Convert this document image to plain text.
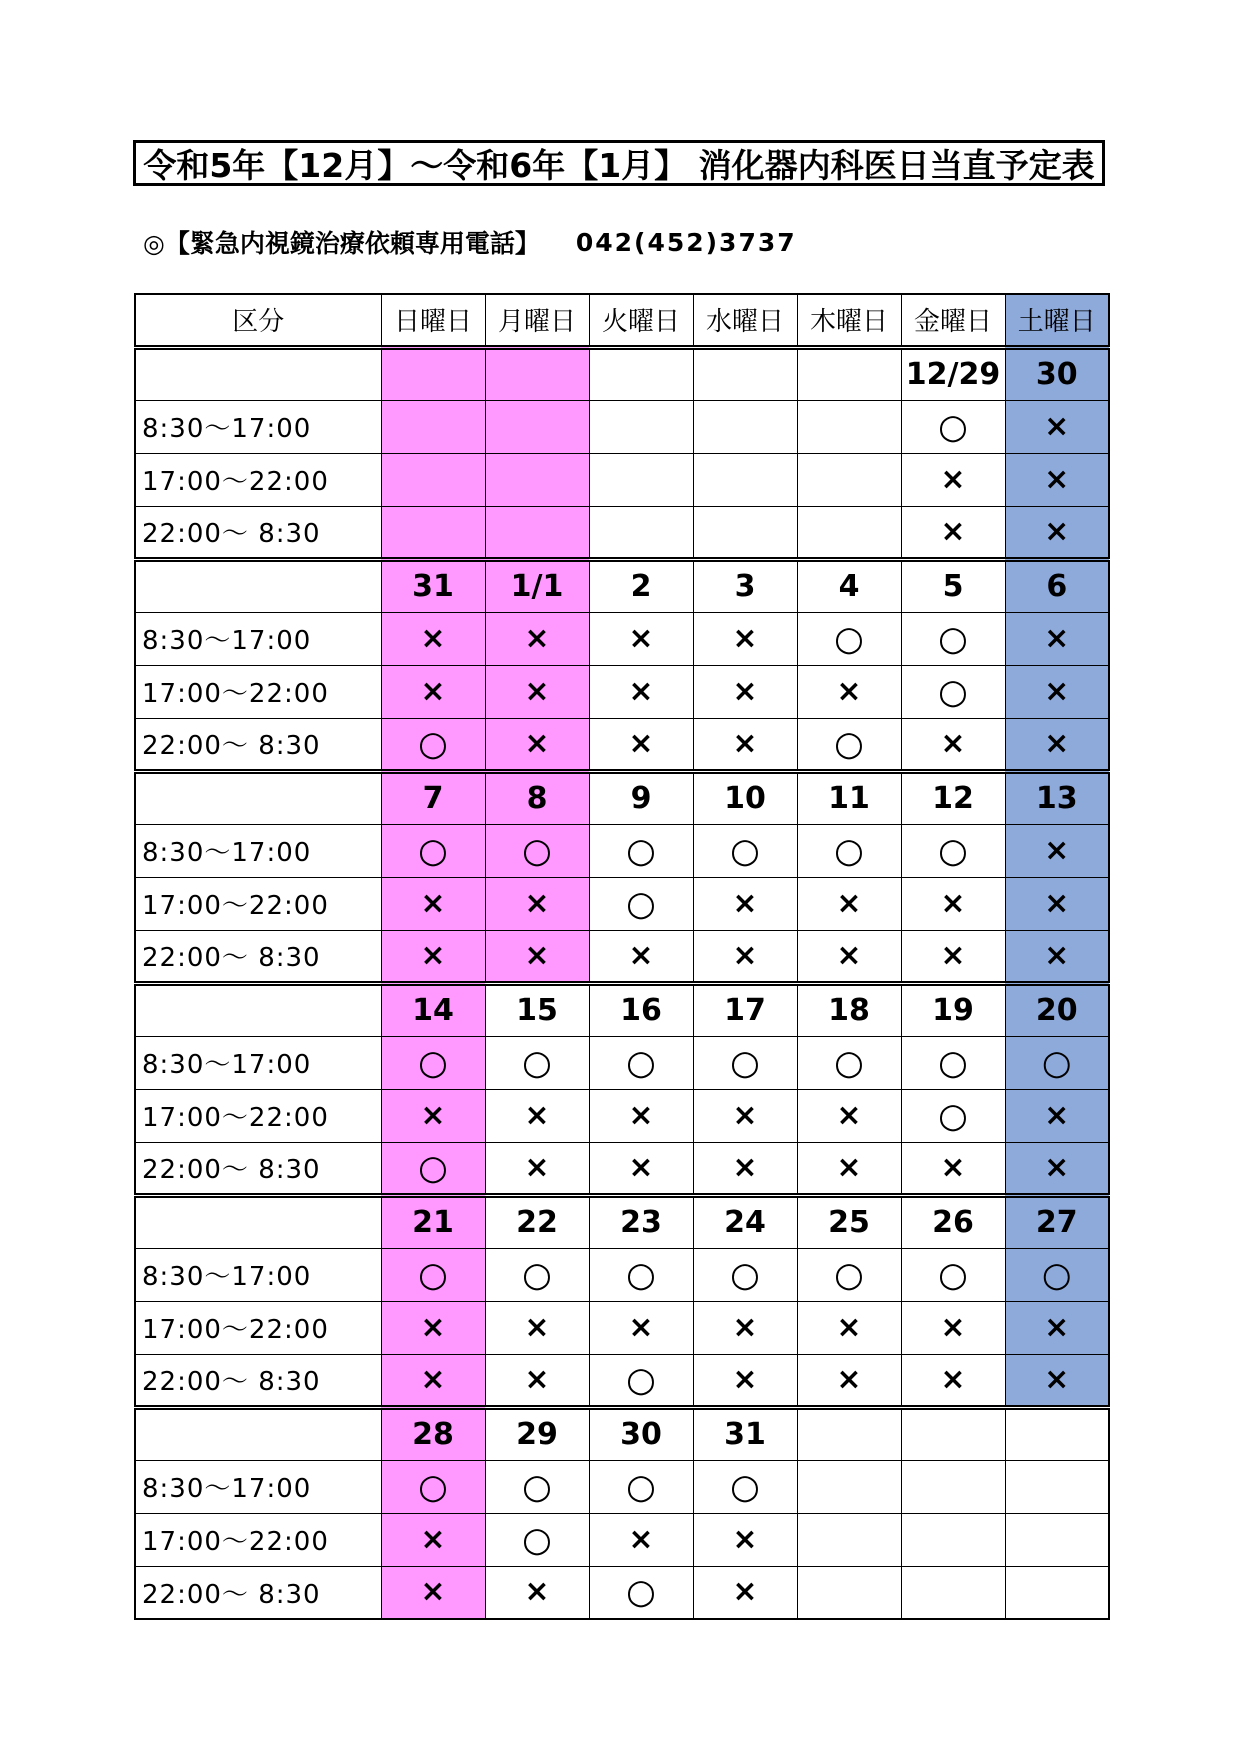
令和5年【12月】〜令和6年【1月】 消化器内科医日当直予定表
◎【緊急内視鏡治療依頼専用電話】 042(452)3737
区分	日曜日	月曜日	火曜日	水曜日	木曜日	金曜日	土曜日
						12/29	30
8:30〜17:00						○	×
17:00〜22:00						×	×
22:00〜 8:30						×	×
	31	1/1	2	3	4	5	6
8:30〜17:00	×	×	×	×	○	○	×
17:00〜22:00	×	×	×	×	×	○	×
22:00〜 8:30	○	×	×	×	○	×	×
	7	8	9	10	11	12	13
8:30〜17:00	○	○	○	○	○	○	×
17:00〜22:00	×	×	○	×	×	×	×
22:00〜 8:30	×	×	×	×	×	×	×
	14	15	16	17	18	19	20
8:30〜17:00	○	○	○	○	○	○	○
17:00〜22:00	×	×	×	×	×	○	×
22:00〜 8:30	○	×	×	×	×	×	×
	21	22	23	24	25	26	27
8:30〜17:00	○	○	○	○	○	○	○
17:00〜22:00	×	×	×	×	×	×	×
22:00〜 8:30	×	×	○	×	×	×	×
	28	29	30	31			
8:30〜17:00	○	○	○	○			
17:00〜22:00	×	○	×	×			
22:00〜 8:30	×	×	○	×			
